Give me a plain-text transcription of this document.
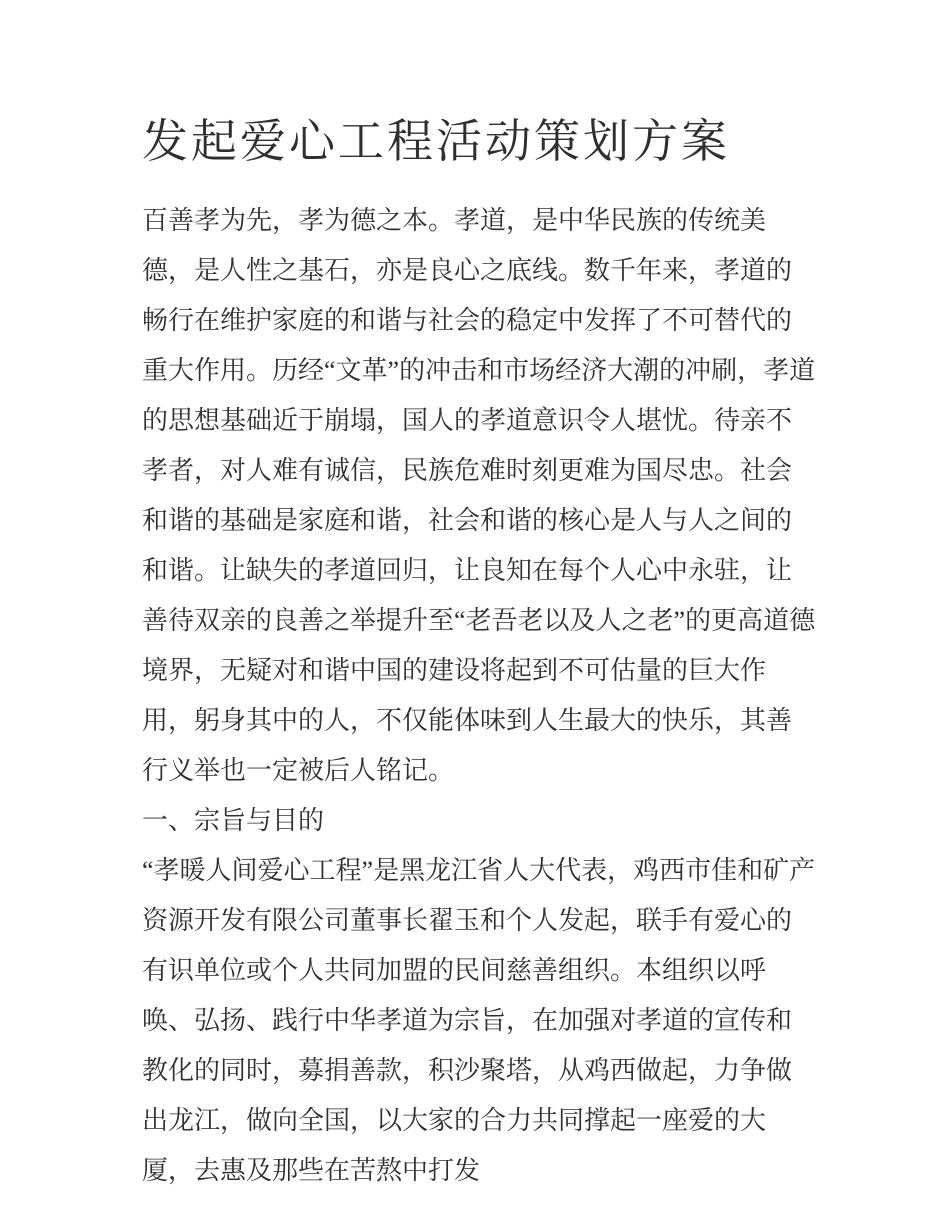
发起爱心工程活动策划方案

百善孝为先，孝为德之本。孝道，是中华民族的传统美德，是人性之基石，亦是良心之底线。数千年来，孝道的畅行在维护家庭的和谐与社会的稳定中发挥了不可替代的重大作用。历经“文革”的冲击和市场经济大潮的冲刷，孝道的思想基础近于崩塌，国人的孝道意识令人堪忧。待亲不孝者，对人难有诚信，民族危难时刻更难为国尽忠。社会和谐的基础是家庭和谐，社会和谐的核心是人与人之间的和谐。让缺失的孝道回归，让良知在每个人心中永驻，让善待双亲的良善之举提升至“老吾老以及人之老”的更高道德境界，无疑对和谐中国的建设将起到不可估量的巨大作用，躬身其中的人，不仅能体味到人生最大的快乐，其善行义举也一定被后人铭记。

一、宗旨与目的

“孝暖人间爱心工程”是黑龙江省人大代表，鸡西市佳和矿产资源开发有限公司董事长翟玉和个人发起，联手有爱心的有识单位或个人共同加盟的民间慈善组织。本组织以呼唤、弘扬、践行中华孝道为宗旨，在加强对孝道的宣传和教化的同时，募捐善款，积沙聚塔，从鸡西做起，力争做出龙江，做向全国，以大家的合力共同撑起一座爱的大厦，去惠及那些在苦熬中打发
